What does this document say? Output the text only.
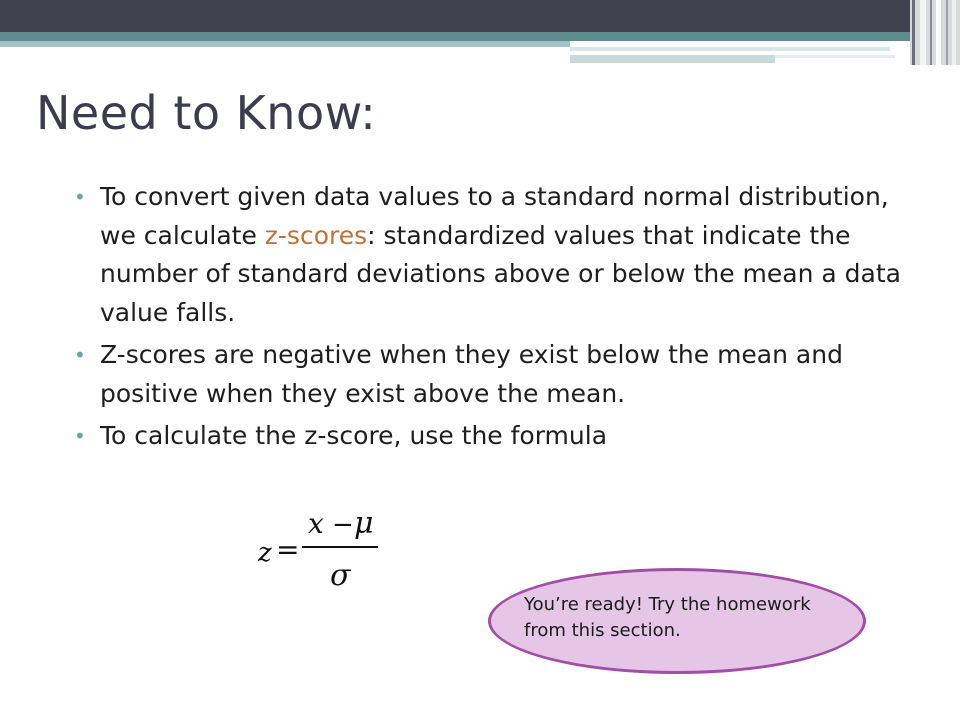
Need to Know:
• To convert given data values to a standard normal distribution, we calculate z-scores: standardized values that indicate the number of standard deviations above or below the mean a data value falls.
• Z-scores are negative when they exist below the mean and positive when they exist above the mean.
• To calculate the z-score, use the formula
z =
x − μ
σ
You’re ready! Try the homework from this section.
